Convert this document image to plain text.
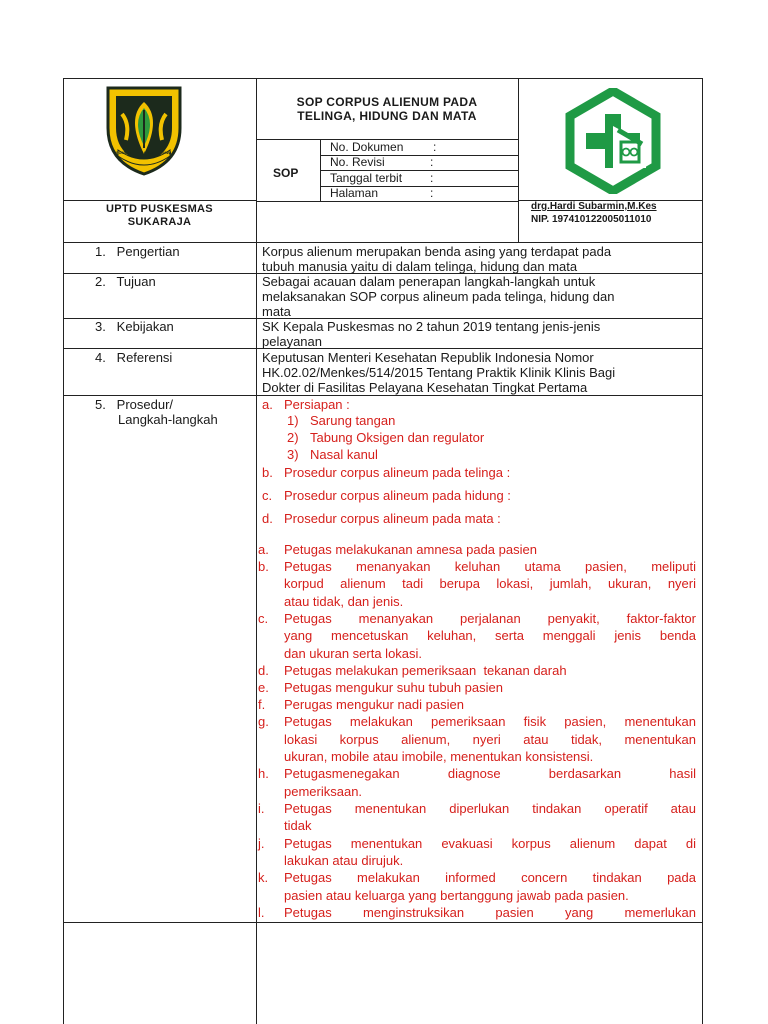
SUMBAH RIPAH LOH JINAWI
SOP CORPUS ALIENUM PADA
TELINGA, HIDUNG DAN MATA
SOP
No. Dokumen :
No. Revisi	:
Tanggal terbit :
Halaman	:
UPTD PUSKESMAS
SUKARAJA
drg.Hardi Subarmin,M.Kes
NIP. 197410122005011010
1.   Pengertian	Korpus alienum merupakan benda asing yang terdapat pada
tubuh manusia yaitu di dalam telinga, hidung dan mata
2.   Tujuan	Sebagai acauan dalam penerapan langkah-langkah untuk
melaksanakan SOP corpus alineum pada telinga, hidung dan
mata
3.   Kebijakan	SK Kepala Puskesmas no 2 tahun 2019 tentang jenis-jenis
pelayanan
4.   Referensi	Keputusan Menteri Kesehatan Republik Indonesia Nomor
HK.02.02/Menkes/514/2015 Tentang Praktik Klinik Klinis Bagi
Dokter di Fasilitas Pelayana Kesehatan Tingkat Pertama
5.   Prosedur/
Langkah-langkah
a. Persiapan :
1) Sarung tangan
2) Tabung Oksigen dan regulator
3) Nasal kanul
b. Prosedur corpus alineum pada telinga :
c. Prosedur corpus alineum pada hidung :
d. Prosedur corpus alineum pada mata :
a. Petugas melakukanan amnesa pada pasien
b. Petugas menanyakan keluhan utama pasien, meliputi
korpud alienum tadi berupa lokasi, jumlah, ukuran, nyeri
atau tidak, dan jenis.
c. Petugas menanyakan perjalanan penyakit, faktor-faktor
yang mencetuskan keluhan, serta menggali jenis benda
dan ukuran serta lokasi.
d. Petugas melakukan pemeriksaan  tekanan darah
e. Petugas mengukur suhu tubuh pasien
f. Perugas mengukur nadi pasien
g. Petugas melakukan pemeriksaan fisik pasien, menentukan
lokasi korpus alienum, nyeri atau tidak, menentukan
ukuran, mobile atau imobile, menentukan konsistensi.
h. Petugasmenegakan diagnose berdasarkan hasil
pemeriksaan.
i. Petugas menentukan diperlukan tindakan operatif atau
tidak
j. Petugas menentukan evakuasi korpus alienum dapat di
lakukan atau dirujuk.
k. Petugas melakukan informed concern tindakan pada
pasien atau keluarga yang bertanggung jawab pada pasien.
l. Petugas menginstruksikan pasien yang memerlukan
